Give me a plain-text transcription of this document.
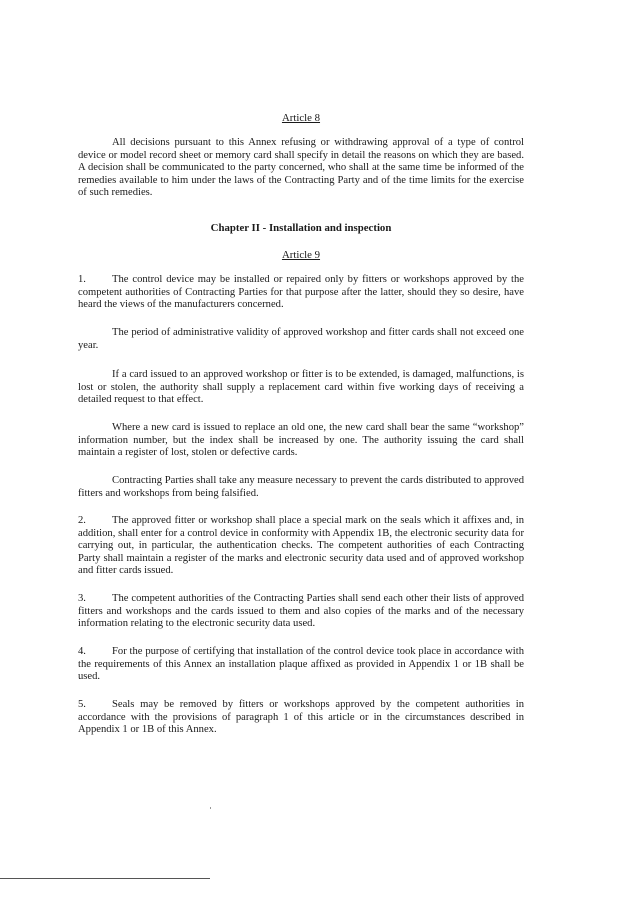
Article 8

All decisions pursuant to this Annex refusing or withdrawing approval of a type of control device or model record sheet or memory card shall specify in detail the reasons on which they are based. A decision shall be communicated to the party concerned, who shall at the same time be informed of the remedies available to him under the laws of the Contracting Party and of the time limits for the exercise of such remedies.

Chapter II - Installation and inspection

Article 9

1. The control device may be installed or repaired only by fitters or workshops approved by the competent authorities of Contracting Parties for that purpose after the latter, should they so desire, have heard the views of the manufacturers concerned.

The period of administrative validity of approved workshop and fitter cards shall not exceed one year.

If a card issued to an approved workshop or fitter is to be extended, is damaged, malfunctions, is lost or stolen, the authority shall supply a replacement card within five working days of receiving a detailed request to that effect.

Where a new card is issued to replace an old one, the new card shall bear the same “workshop” information number, but the index shall be increased by one. The authority issuing the card shall maintain a register of lost, stolen or defective cards.

Contracting Parties shall take any measure necessary to prevent the cards distributed to approved fitters and workshops from being falsified.

2. The approved fitter or workshop shall place a special mark on the seals which it affixes and, in addition, shall enter for a control device in conformity with Appendix 1B, the electronic security data for carrying out, in particular, the authentication checks. The competent authorities of each Contracting Party shall maintain a register of the marks and electronic security data used and of approved workshop and fitter cards issued.

3. The competent authorities of the Contracting Parties shall send each other their lists of approved fitters and workshops and the cards issued to them and also copies of the marks and of the necessary information relating to the electronic security data used.

4. For the purpose of certifying that installation of the control device took place in accordance with the requirements of this Annex an installation plaque affixed as provided in Appendix 1 or 1B shall be used.

5. Seals may be removed by fitters or workshops approved by the competent authorities in accordance with the provisions of paragraph 1 of this article or in the circumstances described in Appendix 1 or 1B of this Annex.
